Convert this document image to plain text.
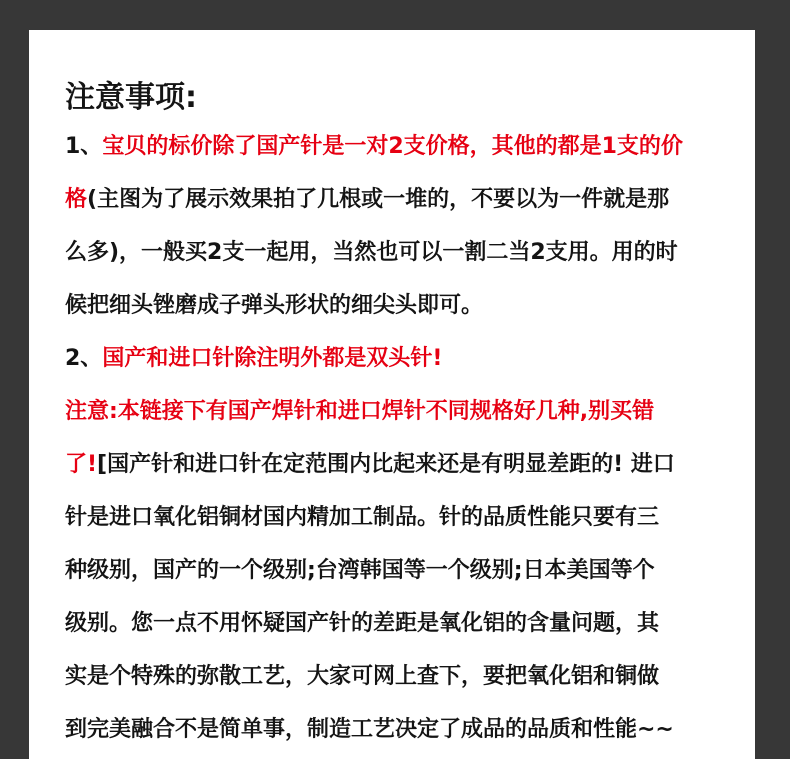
注意事项:

1、宝贝的标价除了国产针是一对2支价格，其他的都是1支的价

格(主图为了展示效果拍了几根或一堆的，不要以为一件就是那

么多)，一般买2支一起用，当然也可以一割二当2支用。用的时

候把细头锉磨成子弹头形状的细尖头即可。

2、国产和进口针除注明外都是双头针!

注意:本链接下有国产焊针和进口焊针不同规格好几种,别买错

了![国产针和进口针在定范围内比起来还是有明显差距的! 进口

针是进口氧化铝铜材国内精加工制品。针的品质性能只要有三

种级别，国产的一个级别;台湾韩国等一个级别;日本美国等个

级别。您一点不用怀疑国产针的差距是氧化铝的含量问题，其

实是个特殊的弥散工艺，大家可网上查下，要把氧化铝和铜做

到完美融合不是简单事，制造工艺决定了成品的品质和性能~~
